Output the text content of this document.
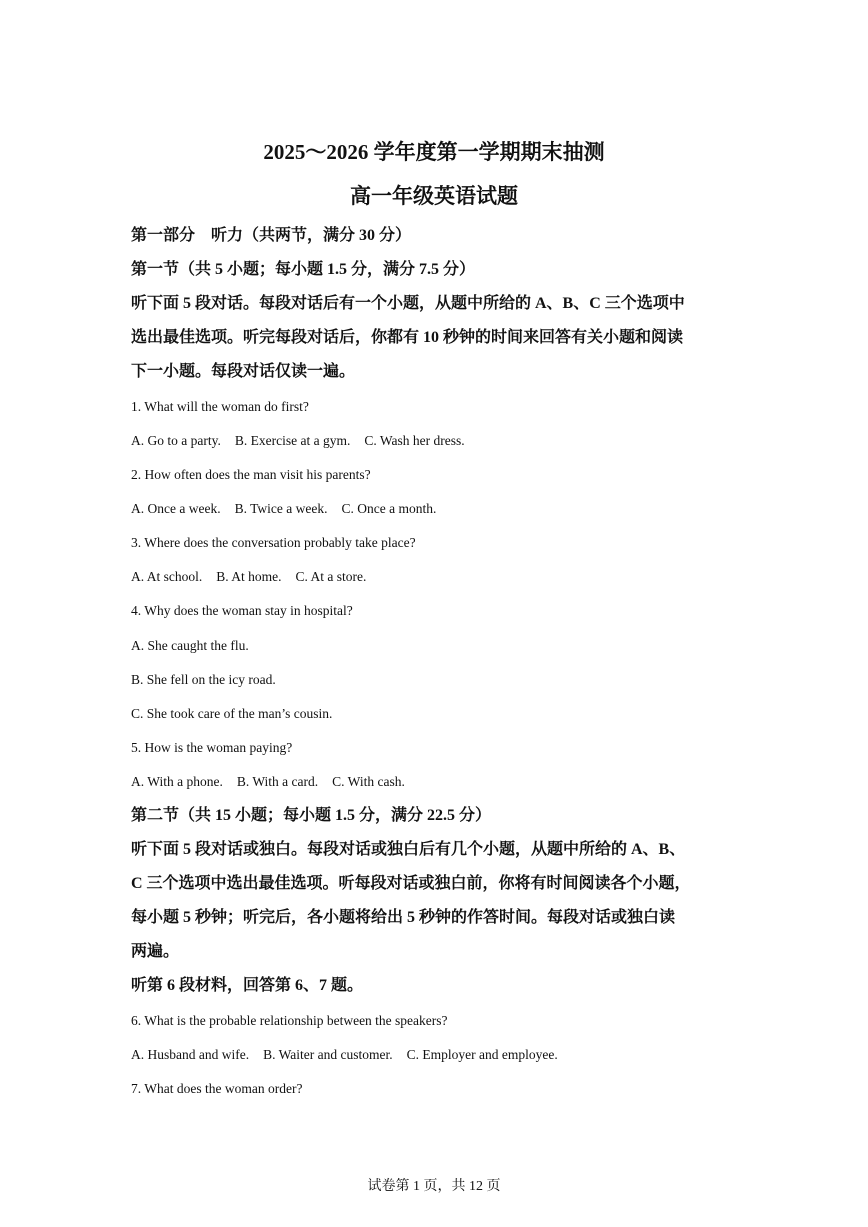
2025～2026 学年度第一学期期末抽测
高一年级英语试题
第一部分　听力（共两节，满分 30 分）
第一节（共 5 小题；每小题 1.5 分，满分 7.5 分）
听下面 5 段对话。每段对话后有一个小题，从题中所给的 A、B、C 三个选项中
选出最佳选项。听完每段对话后，你都有 10 秒钟的时间来回答有关小题和阅读
下一小题。每段对话仅读一遍。
1. What will the woman do first?
A. Go to a party. B. Exercise at a gym. C. Wash her dress.
2. How often does the man visit his parents?
A. Once a week. B. Twice a week. C. Once a month.
3. Where does the conversation probably take place?
A. At school. B. At home. C. At a store.
4. Why does the woman stay in hospital?
A. She caught the flu.
B. She fell on the icy road.
C. She took care of the man’s cousin.
5. How is the woman paying?
A. With a phone. B. With a card. C. With cash.
第二节（共 15 小题；每小题 1.5 分，满分 22.5 分）
听下面 5 段对话或独白。每段对话或独白后有几个小题，从题中所给的 A、B、
C 三个选项中选出最佳选项。听每段对话或独白前，你将有时间阅读各个小题，
每小题 5 秒钟；听完后，各小题将给出 5 秒钟的作答时间。每段对话或独白读
两遍。
听第 6 段材料，回答第 6、7 题。
6. What is the probable relationship between the speakers?
A. Husband and wife. B. Waiter and customer. C. Employer and employee.
7. What does the woman order?
试卷第 1 页，共 12 页
